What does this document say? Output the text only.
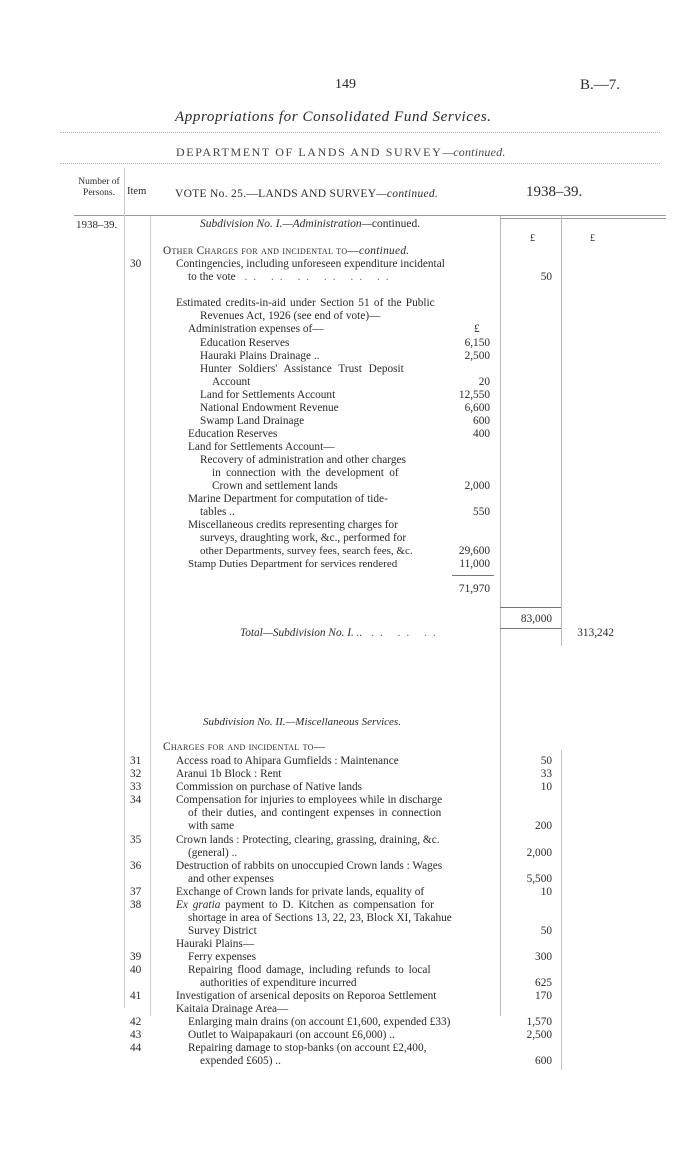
149	B.—7.
Appropriations for Consolidated Fund Services.
DEPARTMENT OF LANDS AND SURVEY—continued.
Number of Persons.	Item	VOTE No. 25.—LANDS AND SURVEY—continued.	1938–39.
1938–39.
£	£
Subdivision No. I.—Administration—continued.
Other Charges for and incidental to—continued.
30	Contingencies, including unforeseen expenditure incidental
to the vote .. .. .. .. .. ..	50
Estimated credits-in-aid under Section 51 of the Public
Revenues Act, 1926 (see end of vote)—
Administration expenses of—	£
Education Reserves	6,150
Hauraki Plains Drainage ..	2,500
Hunter Soldiers' Assistance Trust Deposit
Account	20
Land for Settlements Account	12,550
National Endowment Revenue	6,600
Swamp Land Drainage	600
Education Reserves	400
Land for Settlements Account—
Recovery of administration and other charges
in connection with the development of
Crown and settlement lands	2,000
Marine Department for computation of tide-
tables ..	550
Miscellaneous credits representing charges for
surveys, draughting work, &c., performed for
other Departments, survey fees, search fees, &c.	29,600
Stamp Duties Department for services rendered	11,000
71,970
83,000
Total—Subdivision No. I. .. .. .. ..	313,242
Subdivision No. II.—Miscellaneous Services.
Charges for and incidental to—
31	Access road to Ahipara Gumfields : Maintenance	50
32	Aranui 1b Block : Rent	33
33	Commission on purchase of Native lands	10
34	Compensation for injuries to employees while in discharge
of their duties, and contingent expenses in connection
with same	200
35	Crown lands : Protecting, clearing, grassing, draining, &c.
(general) ..	2,000
36	Destruction of rabbits on unoccupied Crown lands : Wages
and other expenses	5,500
37	Exchange of Crown lands for private lands, equality of	10
38	Ex gratia payment to D. Kitchen as compensation for
shortage in area of Sections 13, 22, 23, Block XI, Takahue
Survey District	50
Hauraki Plains—
39	Ferry expenses	300
40	Repairing flood damage, including refunds to local
authorities of expenditure incurred	625
41	Investigation of arsenical deposits on Reporoa Settlement	170
Kaitaia Drainage Area—
42	Enlarging main drains (on account £1,600, expended £33)	1,570
43	Outlet to Waipapakauri (on account £6,000) ..	2,500
44	Repairing damage to stop-banks (on account £2,400,
expended £605) ..	600
